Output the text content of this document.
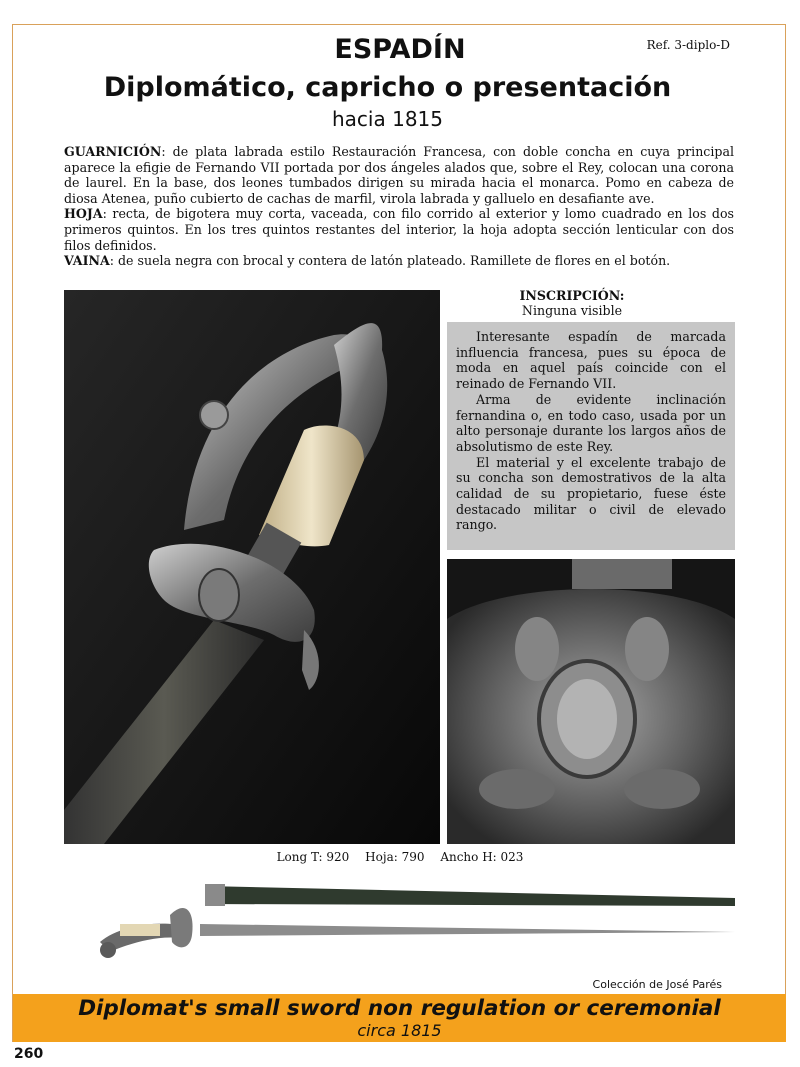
Ref. 3-diplo-D
ESPADÍN
Diplomático, capricho o presentación
hacia 1815

GUARNICIÓN: de plata labrada estilo Restauración Francesa, con doble concha en cuya principal aparece la efigie de Fernando VII portada por dos ángeles alados que, sobre el Rey, colocan una corona de laurel. En la base, dos leones tumbados dirigen su mirada hacia el monarca. Pomo en cabeza de diosa Atenea, puño cubierto de cachas de marfil, virola labrada y galluelo en desafiante ave.
HOJA: recta, de bigotera muy corta, vaceada, con filo corrido al exterior y lomo cuadrado en los dos primeros quintos. En los tres quintos restantes del interior, la hoja adopta sección lenticular con dos filos definidos.
VAINA: de suela negra con brocal y contera de latón plateado. Ramillete de flores en el botón.

INSCRIPCIÓN:
Ninguna visible

Interesante espadín de marcada influencia francesa, pues su época de moda en aquel país coincide con el reinado de Fernando VII.

Arma de evidente inclinación fernandina o, en todo caso, usada por un alto personaje durante los largos años de absolutismo de este Rey.

El material y el excelente trabajo de su concha son demostrativos de la alta calidad de su propietario, fuese éste destacado militar o civil de elevado rango.

Long T: 920 Hoja: 790 Ancho H: 023
Colección de José Parés
Diplomat's small sword non regulation or ceremonial
circa 1815
260
